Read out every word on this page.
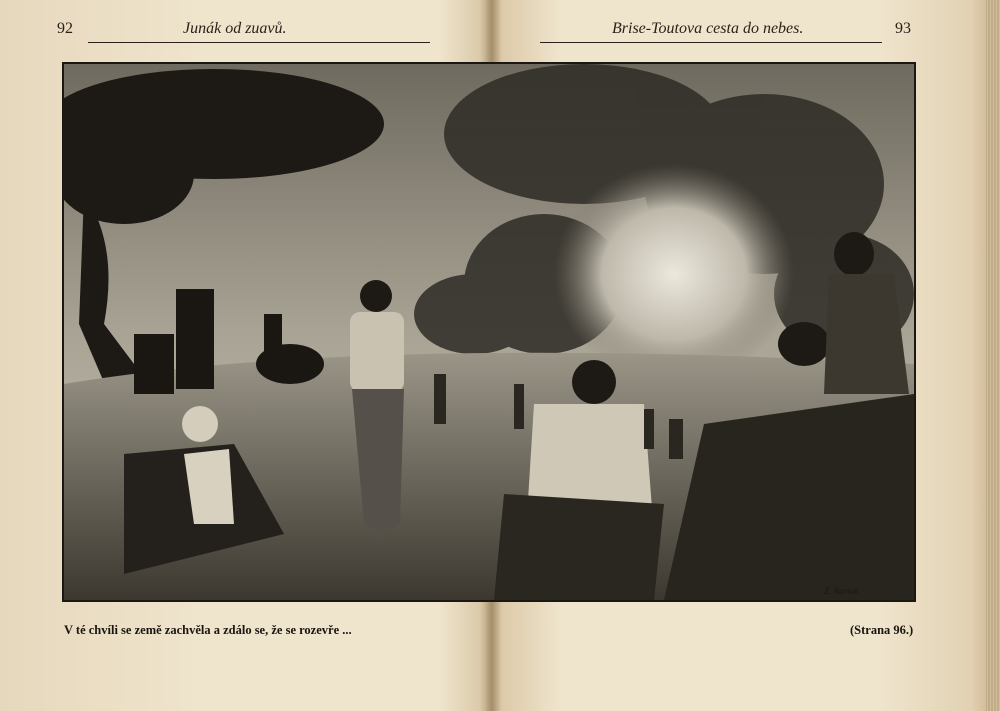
92	Junák od zuavů.	Brise-Toutova cesta do nebes.	93
Z. Burian
V té chvíli se země zachvěla a zdálo se, že se rozevře ...	(Strana 96.)
